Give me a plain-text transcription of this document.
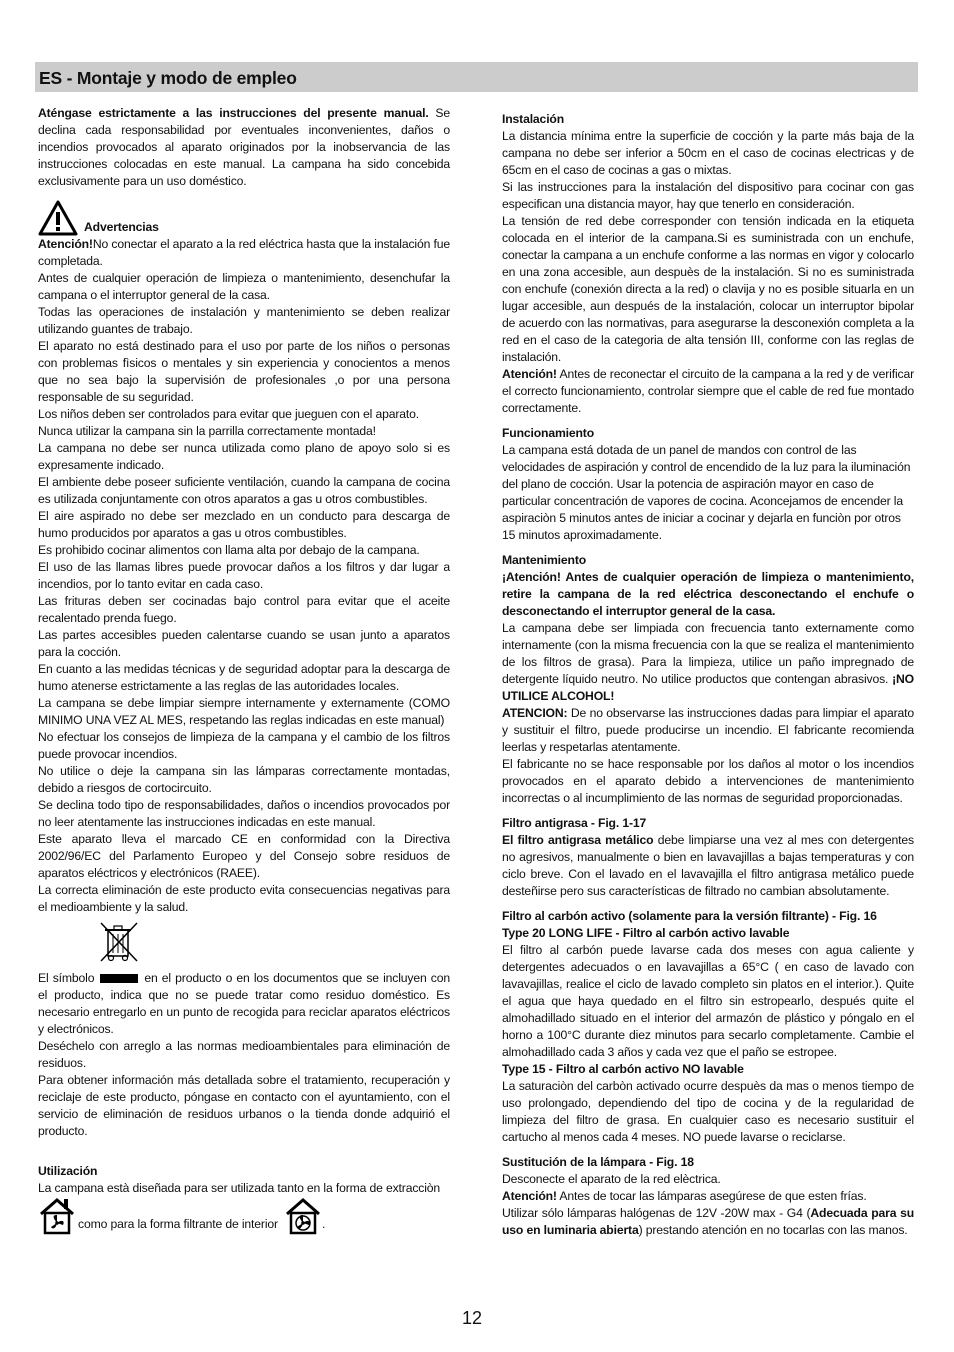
ES - Montaje y modo de empleo

Aténgase estrictamente a las instrucciones del presente manual. Se declina cada responsabilidad por eventuales inconvenientes, daños o incendios provocados al aparato originados por la inobservancia de las instrucciones colocadas en este manual. La campana ha sido concebida exclusivamente para un uso doméstico.

Advertencias

Atención!No conectar el aparato a la red eléctrica hasta que la instalación fue completada.

Antes de cualquier operación de limpieza o mantenimiento, desenchufar la campana o el interruptor general de la casa.

Todas las operaciones de instalación y mantenimiento se deben realizar utilizando guantes de trabajo.

El aparato no está destinado para el uso por parte de los niños o personas con problemas fìsicos o mentales y sin experiencia y conocientos a menos que no sea bajo la supervisión de profesionales ,o por una persona responsable de su seguridad.

Los niños deben ser controlados para evitar que jueguen con el aparato.

Nunca utilizar la campana sin la parrilla correctamente montada!

La campana no debe ser nunca utilizada como plano de apoyo solo si es expresamente indicado.

El ambiente debe poseer suficiente ventilación, cuando la campana de cocina es utilizada conjuntamente con otros aparatos a gas u otros combustibles.

El aire aspirado no debe ser mezclado en un conducto para descarga de humo producidos por aparatos a gas u otros combustibles.

Es prohibido cocinar alimentos con llama alta por debajo de la campana.

El uso de las llamas libres puede provocar daños a los filtros y dar lugar a incendios, por lo tanto evitar en cada caso.

Las frituras deben ser cocinadas bajo control para evitar que el aceite recalentado prenda fuego.

Las partes accesibles pueden calentarse cuando se usan junto a aparatos para la cocción.

En cuanto a las medidas técnicas y de seguridad adoptar para la descarga de humo atenerse estrictamente a las reglas de las autoridades locales.

La campana se debe limpiar siempre internamente y externamente (COMO MINIMO UNA VEZ AL MES, respetando las reglas indicadas en este manual)

No efectuar los consejos de limpieza de la campana y el cambio de los filtros puede provocar incendios.

No utilice o deje la campana sin las lámparas correctamente montadas, debido a riesgos de cortocircuito.

Se declina todo tipo de responsabilidades, daños o incendios provocados por no leer atentamente las instrucciones indicadas en este manual.

Este aparato lleva el marcado CE en conformidad con la Directiva 2002/96/EC del Parlamento Europeo y del Consejo sobre residuos de aparatos eléctricos y electrónicos (RAEE).

La correcta eliminación de este producto evita consecuencias negativas para el medioambiente y la salud.

El símbolo	en el producto o en los documentos que se incluyen con el producto, indica que no se puede tratar como residuo doméstico. Es necesario entregarlo en un punto de recogida para reciclar aparatos eléctricos y electrónicos.

Deséchelo con arreglo a las normas medioambientales para eliminación de residuos.

Para obtener información más detallada sobre el tratamiento, recuperación y reciclaje de este producto, póngase en contacto con el ayuntamiento, con el servicio de eliminación de residuos urbanos o la tienda donde adquirió el producto.

Utilización

La campana està diseñada para ser utilizada tanto en la forma de extracciòn

como para la forma filtrante de interior	.
Instalación

La distancia mínima entre la superficie de cocción y la parte más baja de la campana no debe ser inferior a 50cm en el caso de cocinas electricas y de 65cm en el caso de cocinas a gas o mixtas.

Si las instrucciones para la instalación del dispositivo para cocinar con gas especifican una distancia mayor, hay que tenerlo en consideración.

La tensión de red debe corresponder con tensión indicada en la etiqueta colocada en el interior de la campana.Si es suministrada con un enchufe, conectar la campana a un enchufe conforme a las normas en vigor y colocarlo en una zona accesible, aun despuès de la instalación. Si no es suministrada con enchufe (conexión directa a la red) o clavija y no es posible situarla en un lugar accesible, aun después de la instalación, colocar un interruptor bipolar de acuerdo con las normativas, para asegurarse la desconexión completa a la red en el caso de la categoria de alta tensión III, conforme con las reglas de instalación.

Atención! Antes de reconectar el circuito de la campana a la red y de verificar el correcto funcionamiento, controlar siempre que el cable de red fue montado correctamente.

Funcionamiento

La campana está dotada de un panel de mandos con control de las velocidades de aspiración y control de encendido de la luz para la iluminación del plano de cocción. Usar la potencia de aspiración mayor en caso de particular concentración de vapores de cocina. Aconcejamos de encender la aspiraciòn 5 minutos antes de iniciar a cocinar y dejarla en funciòn por otros 15 minutos aproximadamente.

Mantenimiento

¡Atención! Antes de cualquier operación de limpieza o mantenimiento, retire la campana de la red eléctrica desconectando el enchufe o desconectando el interruptor general de la casa.

La campana debe ser limpiada con frecuencia tanto externamente como internamente (con la misma frecuencia con la que se realiza el mantenimiento de los filtros de grasa). Para la limpieza, utilice un paño impregnado de detergente líquido neutro. No utilice productos que contengan abrasivos. ¡NO UTILICE ALCOHOL!

ATENCION: De no observarse las instrucciones dadas para limpiar el aparato y sustituir el filtro, puede producirse un incendio. El fabricante recomienda leerlas y respetarlas atentamente.

El fabricante no se hace responsable por los daños al motor o los incendios provocados en el aparato debido a intervenciones de mantenimiento incorrectas o al incumplimiento de las normas de seguridad proporcionadas.

Filtro antigrasa - Fig. 1-17

El filtro antigrasa metálico debe limpiarse una vez al mes con detergentes no agresivos, manualmente o bien en lavavajillas a bajas temperaturas y con ciclo breve. Con el lavado en el lavavajilla el filtro antigrasa metálico puede desteñirse pero sus características de filtrado no cambian absolutamente.

Filtro al carbón activo (solamente para la versión filtrante) - Fig. 16
Type 20 LONG LIFE - Filtro al carbón activo lavable

El filtro al carbón puede lavarse cada dos meses con agua caliente y detergentes adecuados o en lavavajillas a 65°C ( en caso de lavado con lavavajillas, realice el ciclo de lavado completo sin platos en el interior.). Quite el agua que haya quedado en el filtro sin estropearlo, después quite el almohadillado situado en el interior del armazón de plástico y póngalo en el horno a 100°C durante diez minutos para secarlo completamente. Cambie el almohadillado cada 3 años y cada vez que el paño se estropee.

Type 15 - Filtro al carbón activo NO lavable

La saturaciòn del carbòn activado ocurre despuès da mas o menos tiempo de uso prolongado, dependiendo del tipo de cocina y de la regularidad de limpieza del filtro de grasa. En cualquier caso es necesario sustituir el cartucho al menos cada 4 meses. NO puede lavarse o reciclarse.

Sustitución de la lámpara - Fig. 18

Desconecte el aparato de la red elèctrica.

Atención! Antes de tocar las lámparas asegúrese de que esten frías.

Utilizar sólo lámparas halógenas de 12V -20W max - G4 (Adecuada para su uso en luminaria abierta) prestando atención en no tocarlas con las manos.

12
